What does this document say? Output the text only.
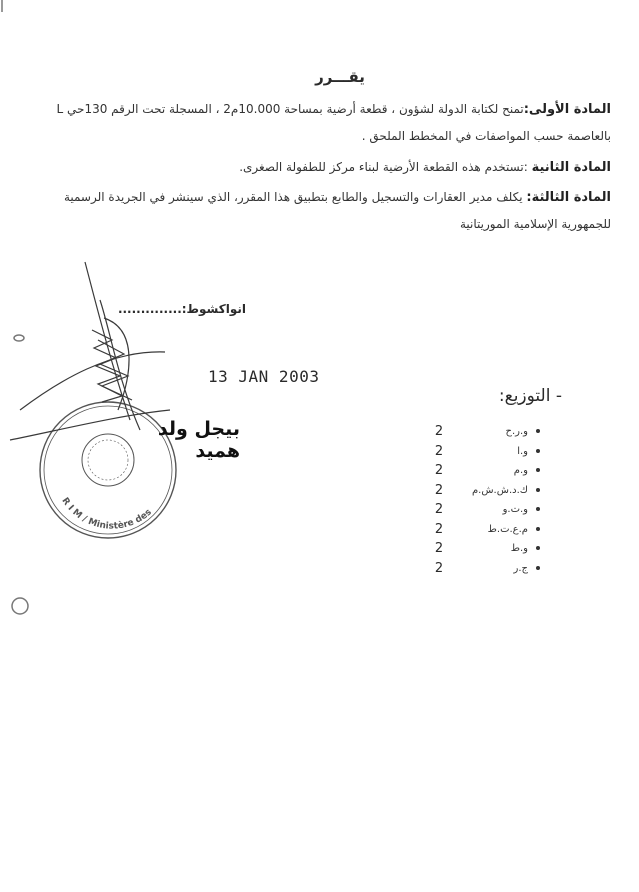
يقـــرر
المادة الأولى:تمنح لكتابة الدولة لشؤون ، قطعة أرضية بمساحة 10.000م2 ، المسجلة تحت الرقم 130حي L بالعاصمة حسب المواصفات في المخطط الملحق .
المادة الثانية :تستخدم هذه القطعة الأرضية لبناء مركز للطفولة الصغرى.
المادة الثالثة: يكلف مدير العقارات والتسجيل والطابع بتطبيق هذا المقرر، الذي سينشر في الجريدة الرسمية للجمهورية الإسلامية الموريتانية
انواكشوط:..............
13 JAN 2003
R I M / Ministère des
بيجل ولد هميد
- التوزيع:
2	و.ر.ح
2	و.ا
2	و.م
2	ك.د.ش.ش.م
2	و.ت.و
2	م.ع.ت.ط
2	و.ط
2	ج.ر
